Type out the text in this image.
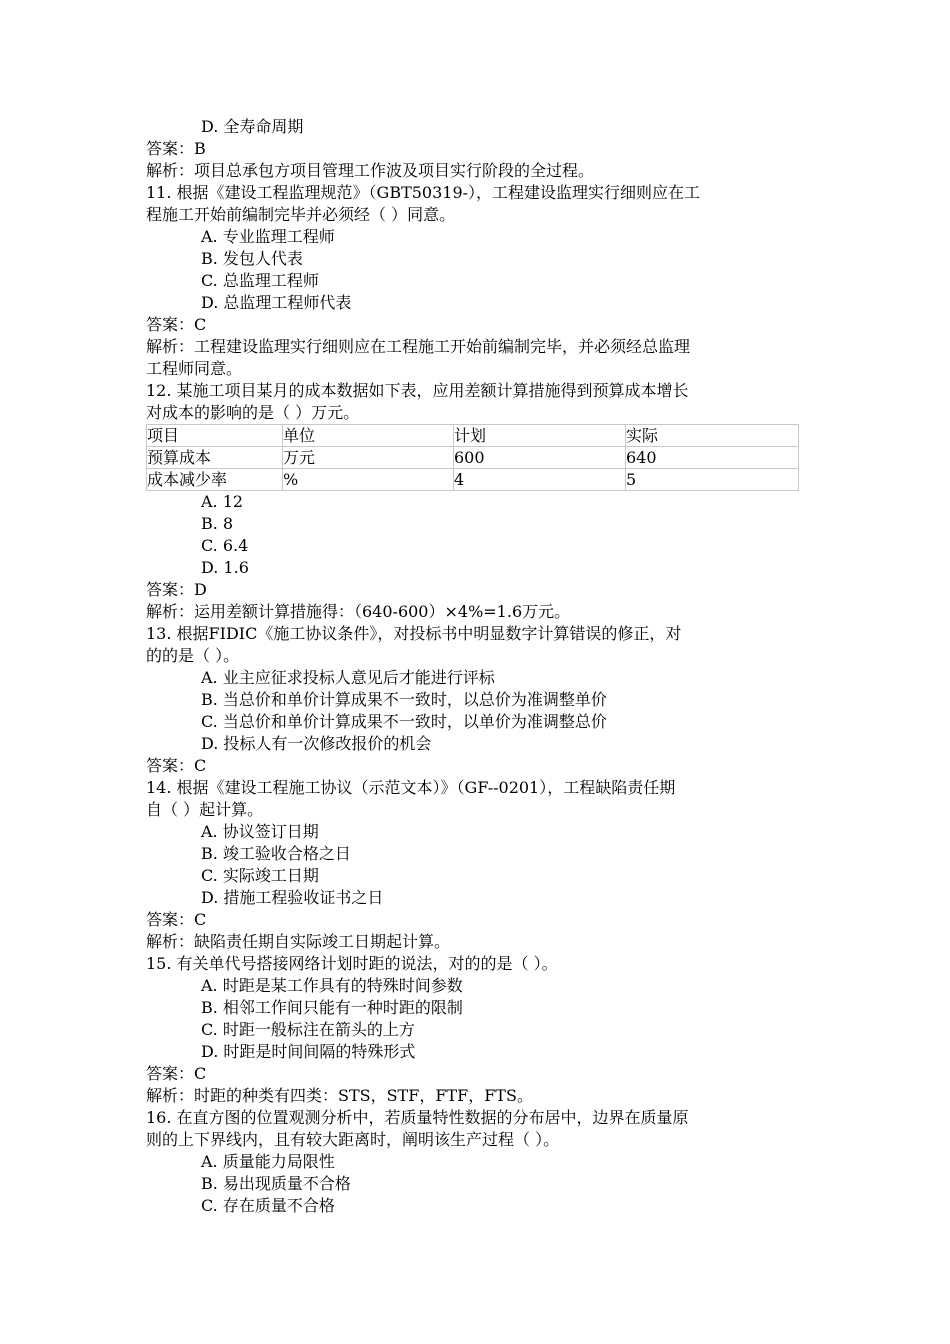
D. 全寿命周期
答案：B
解析：项目总承包方项目管理工作波及项目实行阶段的全过程。
11. 根据《建设工程监理规范》（GBT50319-），工程建设监理实行细则应在工
程施工开始前编制完毕并必须经（ ）同意。
A. 专业监理工程师
B. 发包人代表
C. 总监理工程师
D. 总监理工程师代表
答案：C
解析：工程建设监理实行细则应在工程施工开始前编制完毕，并必须经总监理
工程师同意。
12. 某施工项目某月的成本数据如下表，应用差额计算措施得到预算成本增长
对成本的影响的是（ ）万元。
项目	单位	计划	实际
预算成本	万元	600	640
成本减少率	%	4	5
A. 12
B. 8
C. 6.4
D. 1.6
答案：D
解析：运用差额计算措施得：（640-600）×4%=1.6万元。
13. 根据FIDIC《施工协议条件》，对投标书中明显数字计算错误的修正，对
的的是（ ）。
A. 业主应征求投标人意见后才能进行评标
B. 当总价和单价计算成果不一致时，以总价为准调整单价
C. 当总价和单价计算成果不一致时，以单价为准调整总价
D. 投标人有一次修改报价的机会
答案：C
14. 根据《建设工程施工协议（示范文本）》（GF--0201），工程缺陷责任期
自（ ）起计算。
A. 协议签订日期
B. 竣工验收合格之日
C. 实际竣工日期
D. 措施工程验收证书之日
答案：C
解析：缺陷责任期自实际竣工日期起计算。
15. 有关单代号搭接网络计划时距的说法，对的的是（ ）。
A. 时距是某工作具有的特殊时间参数
B. 相邻工作间只能有一种时距的限制
C. 时距一般标注在箭头的上方
D. 时距是时间间隔的特殊形式
答案：C
解析：时距的种类有四类：STS，STF，FTF，FTS。
16. 在直方图的位置观测分析中，若质量特性数据的分布居中，边界在质量原
则的上下界线内，且有较大距离时，阐明该生产过程（ ）。
A. 质量能力局限性
B. 易出现质量不合格
C. 存在质量不合格
